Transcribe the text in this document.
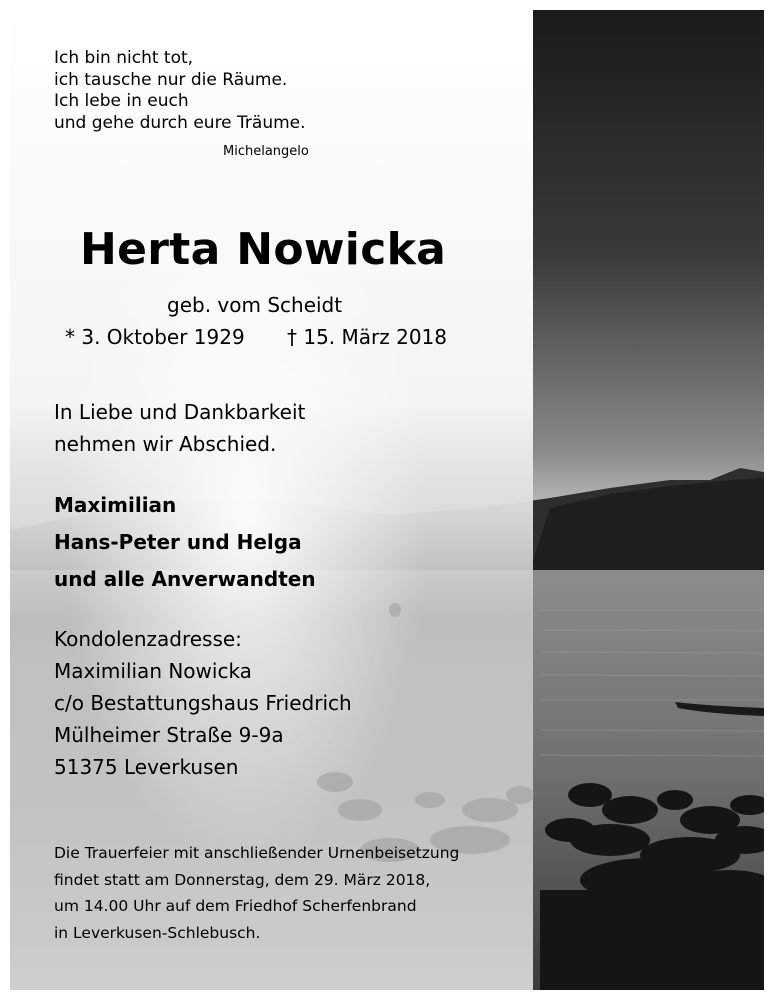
Ich bin nicht tot,
ich tausche nur die Räume.
Ich lebe in euch
und gehe durch eure Träume.
Michelangelo
Herta Nowicka
geb. vom Scheidt
* 3. Oktober 1929 † 15. März 2018
In Liebe und Dankbarkeit
nehmen wir Abschied.
Maximilian
Hans-Peter und Helga
und alle Anverwandten
Kondolenzadresse:
Maximilian Nowicka
c/o Bestattungshaus Friedrich
Mülheimer Straße 9-9a
51375 Leverkusen
Die Trauerfeier mit anschließender Urnenbeisetzung
findet statt am Donnerstag, dem 29. März 2018,
um 14.00 Uhr auf dem Friedhof Scherfenbrand
in Leverkusen-Schlebusch.
